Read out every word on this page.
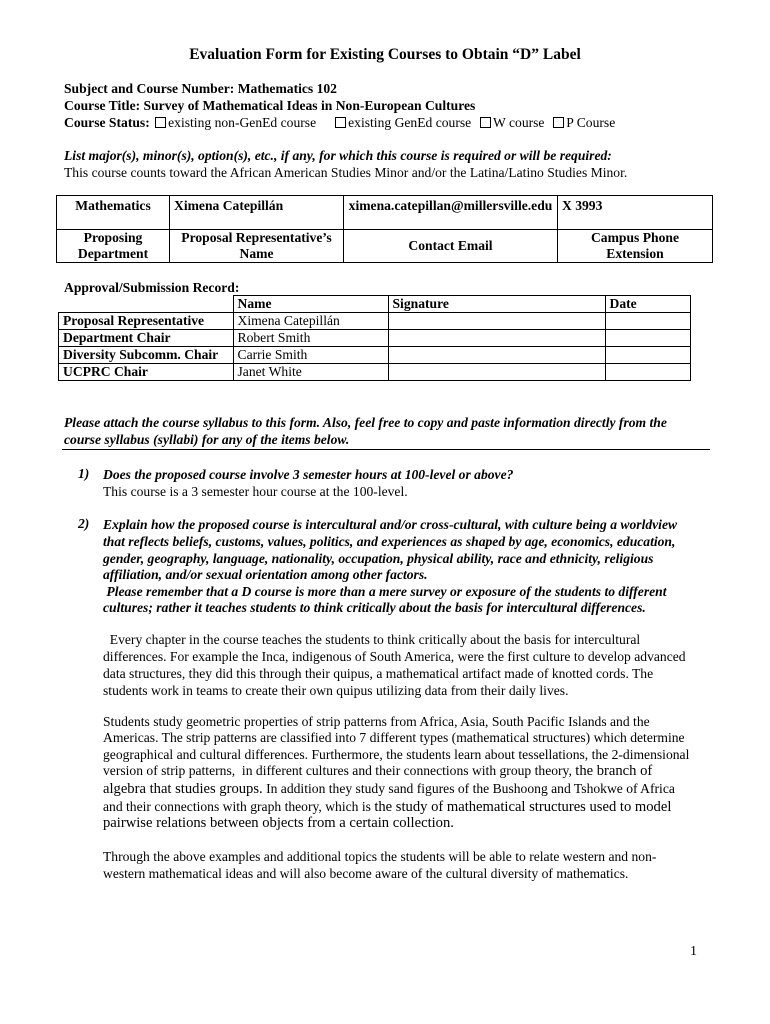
Evaluation Form for Existing Courses to Obtain “D” Label
Subject and Course Number: Mathematics 102
Course Title: Survey of Mathematical Ideas in Non-European Cultures
Course Status: existing non-GenEd course existing GenEd course W course P Course
List major(s), minor(s), option(s), etc., if any, for which this course is required or will be required:
This course counts toward the African American Studies Minor and/or the Latina/Latino Studies Minor.
Mathematics	Ximena Catepillán	ximena.catepillan@millersville.edu	X 3993
Proposing Department	Proposal Representative’s Name	Contact Email	Campus Phone Extension
Approval/Submission Record:
	Name	Signature	Date
Proposal Representative	Ximena Catepillán		
Department Chair	Robert Smith		
Diversity Subcomm. Chair	Carrie Smith		
UCPRC Chair	Janet White		
Please attach the course syllabus to this form. Also, feel free to copy and paste information directly from the
course syllabus (syllabi) for any of the items below.
1) Does the proposed course involve 3 semester hours at 100-level or above?
This course is a 3 semester hour course at the 100-level.
2) Explain how the proposed course is intercultural and/or cross-cultural, with culture being a worldview
that reflects beliefs, customs, values, politics, and experiences as shaped by age, economics, education,
gender, geography, language, nationality, occupation, physical ability, race and ethnicity, religious
affiliation, and/or sexual orientation among other factors.
Please remember that a D course is more than a mere survey or exposure of the students to different
cultures; rather it teaches students to think critically about the basis for intercultural differences.
Every chapter in the course teaches the students to think critically about the basis for intercultural
differences. For example the Inca, indigenous of South America, were the first culture to develop advanced
data structures, they did this through their quipus, a mathematical artifact made of knotted cords. The
students work in teams to create their own quipus utilizing data from their daily lives.
Students study geometric properties of strip patterns from Africa, Asia, South Pacific Islands and the
Americas. The strip patterns are classified into 7 different types (mathematical structures) which determine
geographical and cultural differences. Furthermore, the students learn about tessellations, the 2-dimensional
version of strip patterns,  in different cultures and their connections with group theory, the branch of
algebra that studies groups. In addition they study sand figures of the Bushoong and Tshokwe of Africa
and their connections with graph theory, which is the study of mathematical structures used to model
pairwise relations between objects from a certain collection.
Through the above examples and additional topics the students will be able to relate western and non-
western mathematical ideas and will also become aware of the cultural diversity of mathematics.
1
